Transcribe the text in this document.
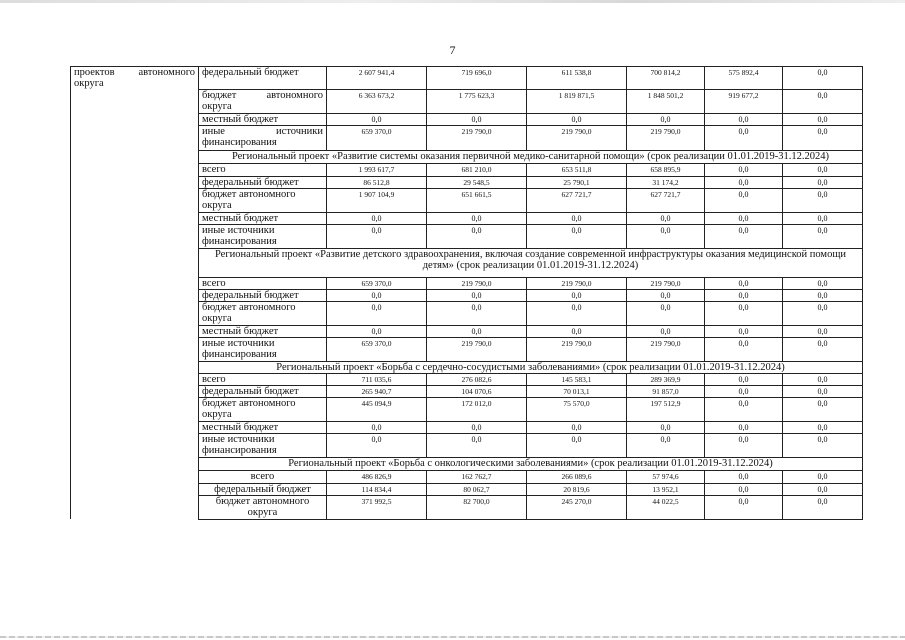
7
проектов автономного
округа	федеральный бюджет	2 607 941,4	719 696,0	611 538,8	700 814,2	575 892,4	0,0

	бюджет автономного округа	6 363 673,2	1 775 623,3	1 819 871,5	1 848 501,2	919 677,2	0,0
	местный бюджет	0,0	0,0	0,0	0,0	0,0	0,0

	иные источники финансирования	659 370,0	219 790,0	219 790,0	219 790,0	0,0	0,0
	Региональный проект «Развитие системы оказания первичной медико-санитарной помощи» (срок реализации 01.01.2019-31.12.2024)						
	всего	1 993 617,7	681 210,0	653 511,8	658 895,9	0,0	0,0
	федеральный бюджет	86 512,8	29 548,5	25 790,1	31 174,2	0,0	0,0
	бюджет автономного округа	1 907 104,9	651 661,5	627 721,7	627 721,7	0,0	0,0
	местный бюджет	0,0	0,0	0,0	0,0	0,0	0,0
	иные источники финансирования	0,0	0,0	0,0	0,0	0,0	0,0
	Региональный проект «Развитие детского здравоохранения, включая создание современной инфраструктуры оказания медицинской помощи детям» (срок реализации 01.01.2019-31.12.2024)						
	всего	659 370,0	219 790,0	219 790,0	219 790,0	0,0	0,0
	федеральный бюджет	0,0	0,0	0,0	0,0	0,0	0,0
	бюджет автономного округа	0,0	0,0	0,0	0,0	0,0	0,0
	местный бюджет	0,0	0,0	0,0	0,0	0,0	0,0
	иные источники финансирования	659 370,0	219 790,0	219 790,0	219 790,0	0,0	0,0
	Региональный проект «Борьба с сердечно-сосудистыми заболеваниями» (срок реализации 01.01.2019-31.12.2024)						
	всего	711 035,6	276 082,6	145 583,1	289 369,9	0,0	0,0
	федеральный бюджет	265 940,7	104 070,6	70 013,1	91 857,0	0,0	0,0
	бюджет автономного округа	445 094,9	172 012,0	75 570,0	197 512,9	0,0	0,0
	местный бюджет	0,0	0,0	0,0	0,0	0,0	0,0
	иные источники финансирования	0,0	0,0	0,0	0,0	0,0	0,0
	Региональный проект «Борьба с онкологическими заболеваниями» (срок реализации 01.01.2019-31.12.2024)						

	всего	486 826,9	162 762,7	266 089,6	57 974,6	0,0	0,0

	федеральный бюджет	114 834,4	80 062,7	20 819,6	13 952,1	0,0	0,0

	бюджет автономного округа	371 992,5	82 700,0	245 270,0	44 022,5	0,0	0,0
